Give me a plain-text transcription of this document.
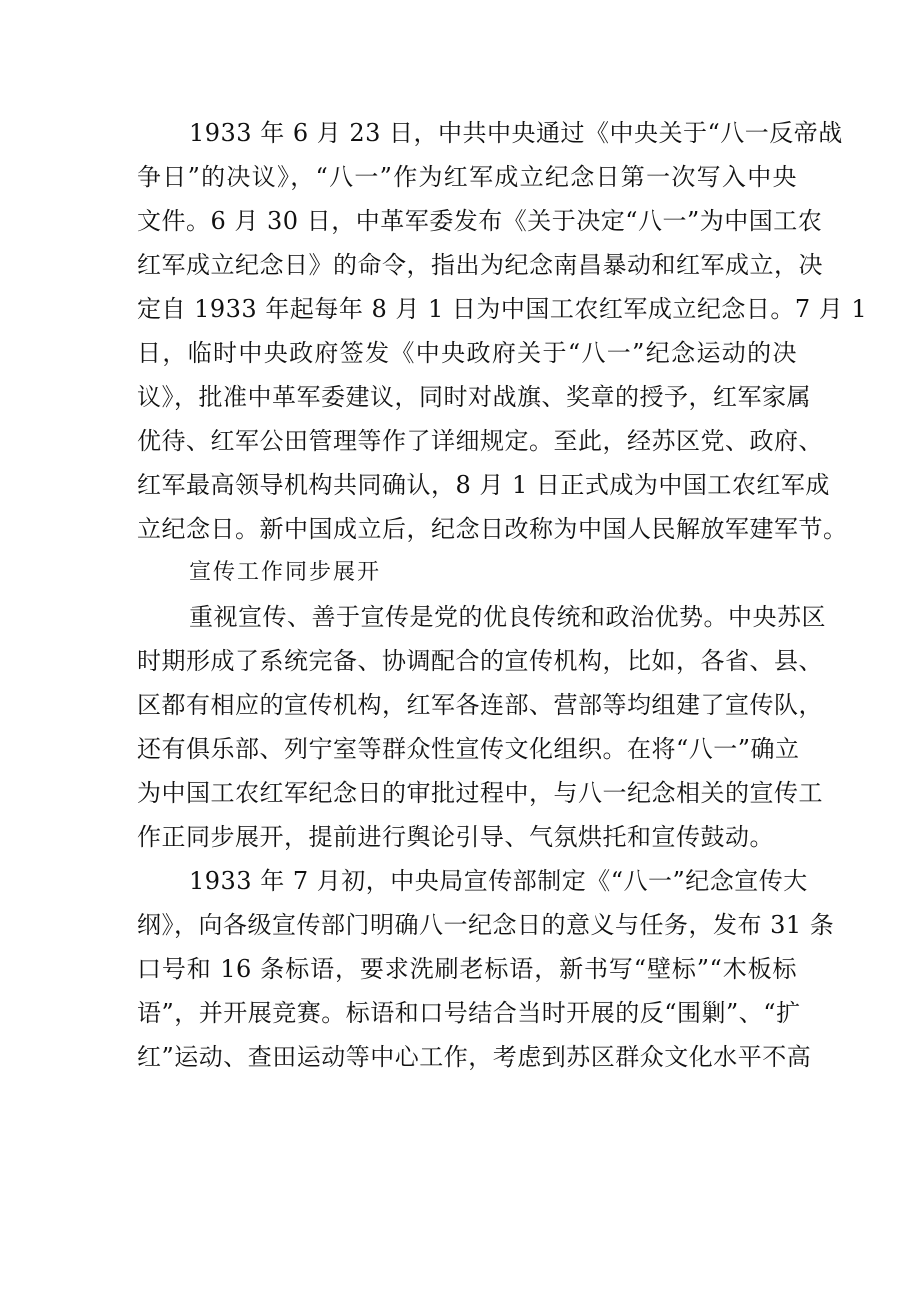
1933 年 6 月 23 日，中共中央通过《中央关于“八一反帝战
争日”的决议》，“八一”作为红军成立纪念日第一次写入中央
文件。6 月 30 日，中革军委发布《关于决定“八一”为中国工农
红军成立纪念日》的命令，指出为纪念南昌暴动和红军成立，决
定自 1933 年起每年 8 月 1 日为中国工农红军成立纪念日。7 月 1
日，临时中央政府签发《中央政府关于“八一”纪念运动的决
议》，批准中革军委建议，同时对战旗、奖章的授予，红军家属
优待、红军公田管理等作了详细规定。至此，经苏区党、政府、
红军最高领导机构共同确认，8 月 1 日正式成为中国工农红军成
立纪念日。新中国成立后，纪念日改称为中国人民解放军建军节。
宣传工作同步展开
重视宣传、善于宣传是党的优良传统和政治优势。中央苏区
时期形成了系统完备、协调配合的宣传机构，比如，各省、县、
区都有相应的宣传机构，红军各连部、营部等均组建了宣传队，
还有俱乐部、列宁室等群众性宣传文化组织。在将“八一”确立
为中国工农红军纪念日的审批过程中，与八一纪念相关的宣传工
作正同步展开，提前进行舆论引导、气氛烘托和宣传鼓动。
1933 年 7 月初，中央局宣传部制定《“八一”纪念宣传大
纲》，向各级宣传部门明确八一纪念日的意义与任务，发布 31 条
口号和 16 条标语，要求洗刷老标语，新书写“壁标”“木板标
语”，并开展竞赛。标语和口号结合当时开展的反“围剿”、“扩
红”运动、查田运动等中心工作，考虑到苏区群众文化水平不高
